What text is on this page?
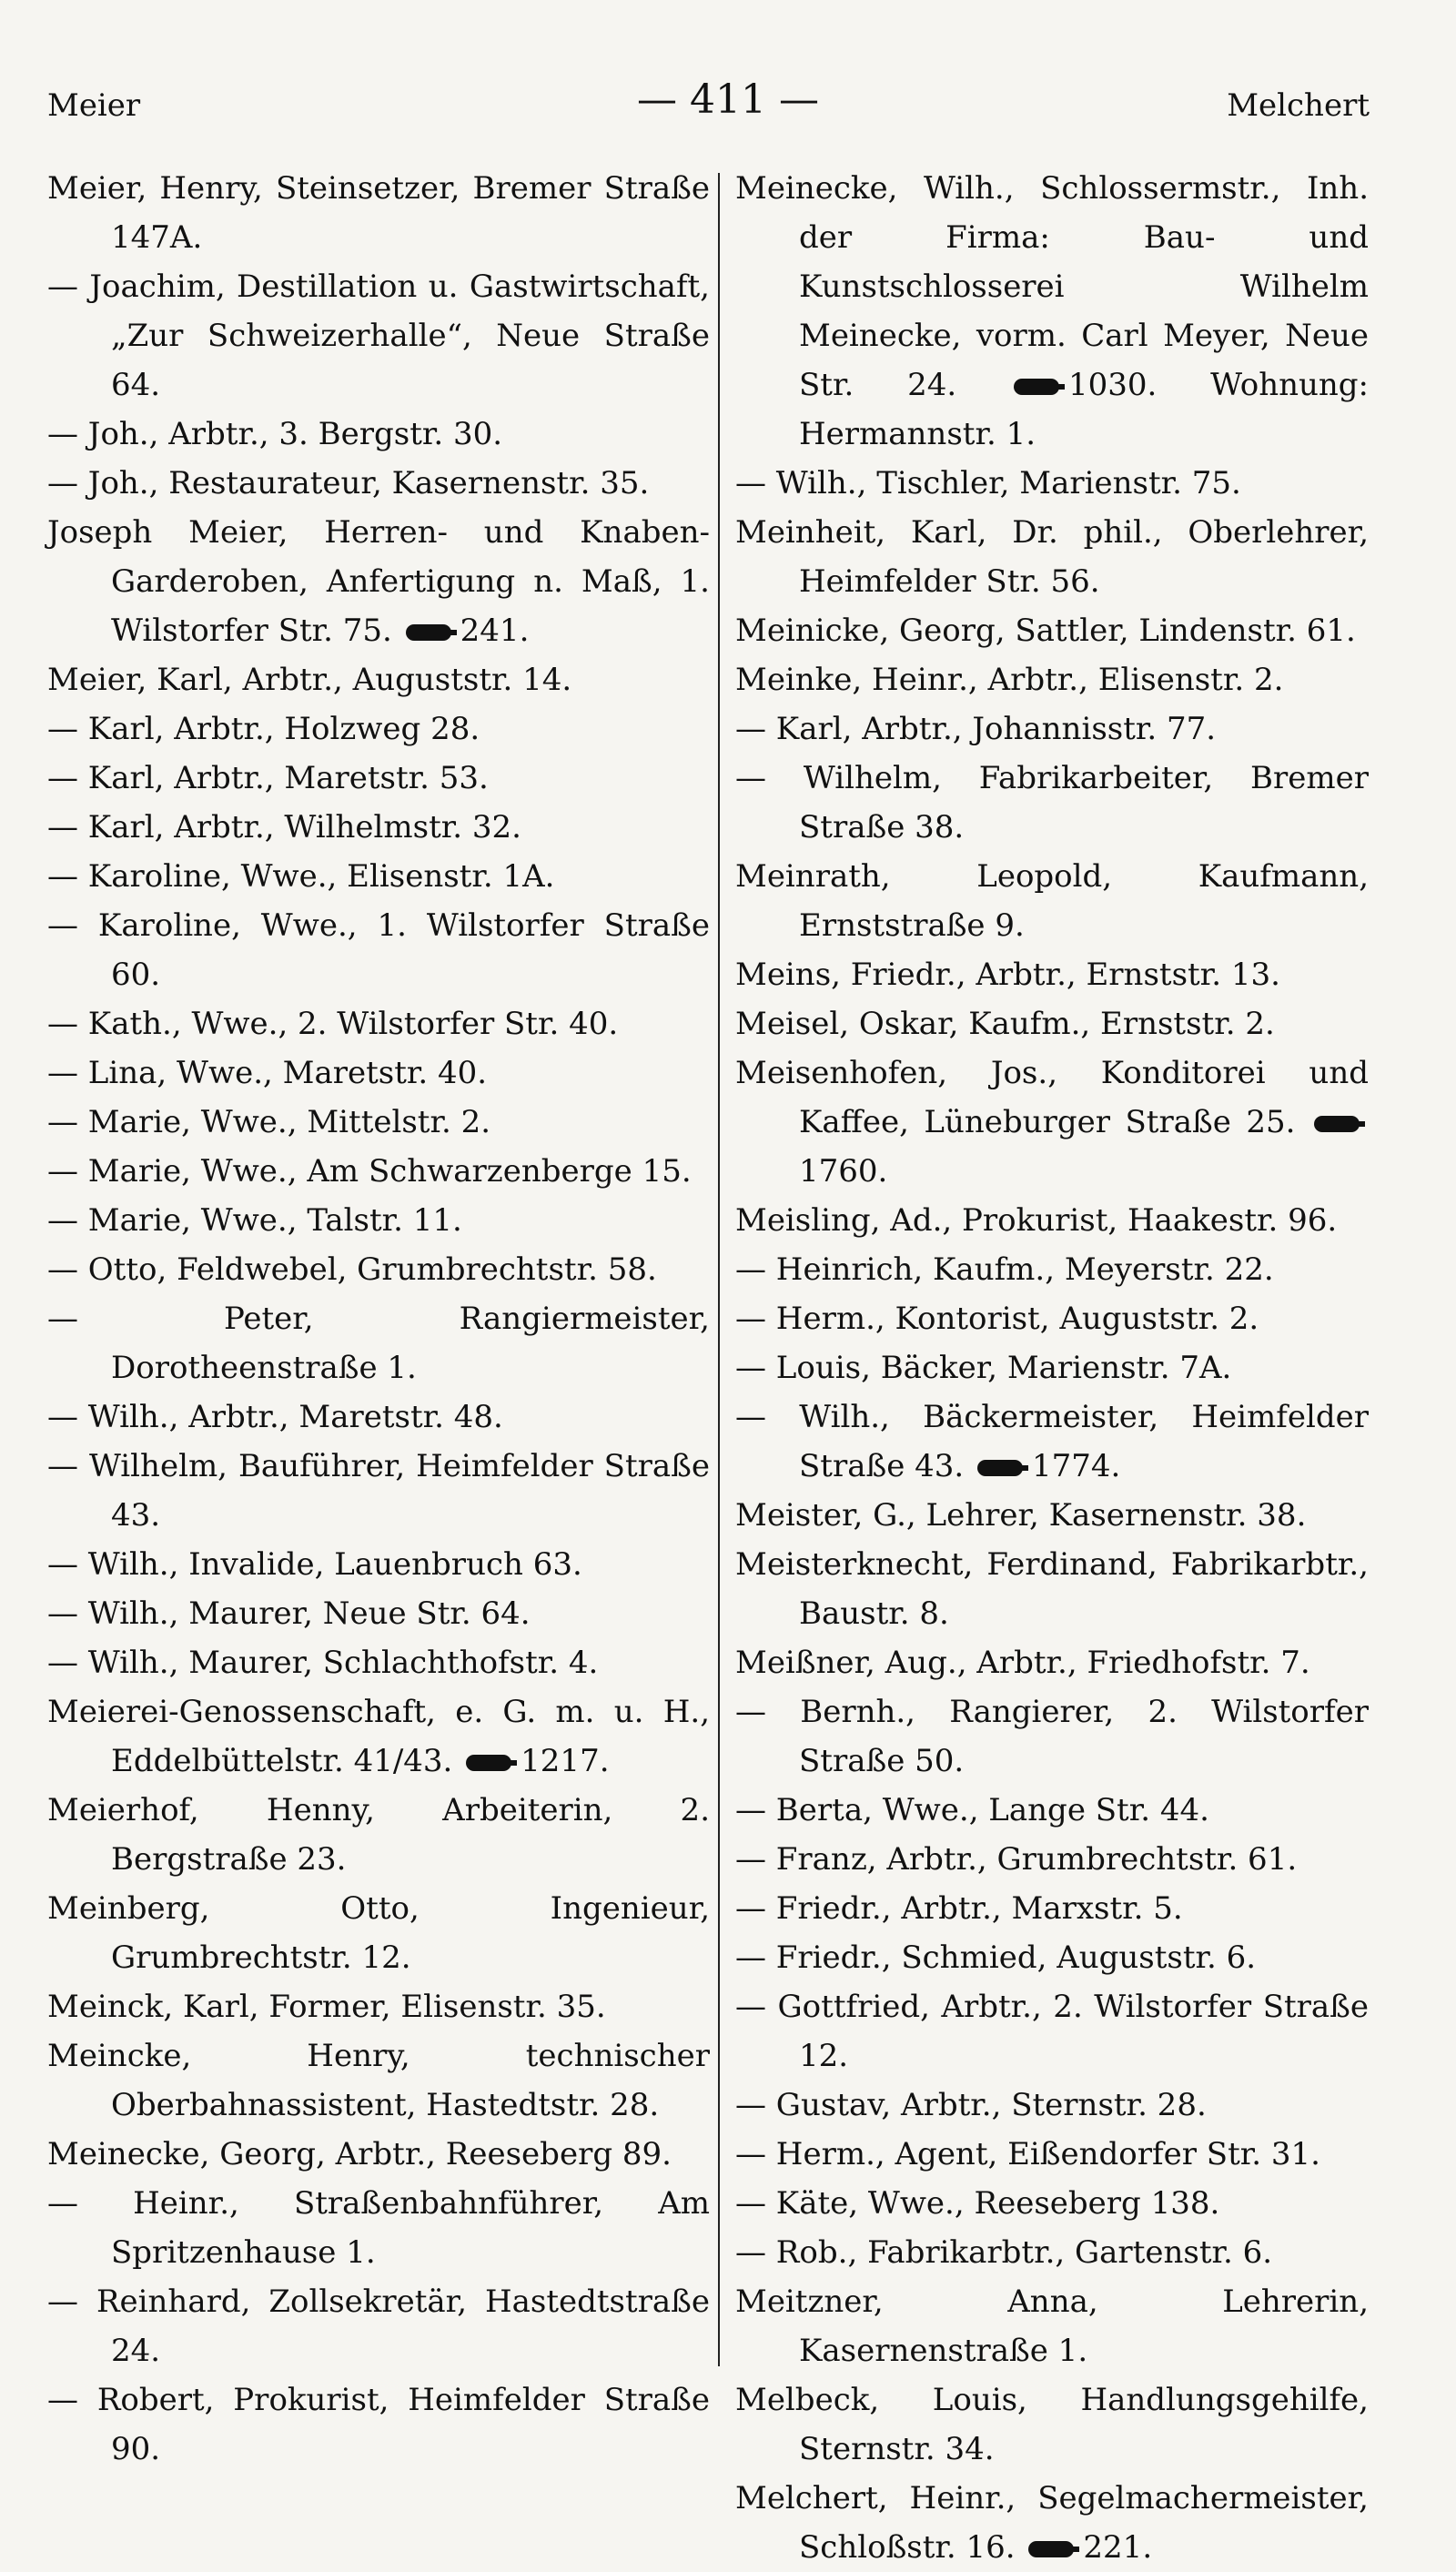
Meier	— 411 —	Melchert
Meier, Henry, Steinsetzer, Bremer Straße 147A.
— Joachim, Destillation u. Gastwirtschaft, „Zur Schweizerhalle“, Neue Straße 64.
— Joh., Arbtr., 3. Bergstr. 30.
— Joh., Restaurateur, Kasernenstr. 35.
Joseph Meier, Herren- und Knaben-Garderoben, Anfertigung n. Maß, 1. Wilstorfer Str. 75. 241.
Meier, Karl, Arbtr., Auguststr. 14.
— Karl, Arbtr., Holzweg 28.
— Karl, Arbtr., Maretstr. 53.
— Karl, Arbtr., Wilhelmstr. 32.
— Karoline, Wwe., Elisenstr. 1A.
— Karoline, Wwe., 1. Wilstorfer Straße 60.
— Kath., Wwe., 2. Wilstorfer Str. 40.
— Lina, Wwe., Maretstr. 40.
— Marie, Wwe., Mittelstr. 2.
— Marie, Wwe., Am Schwarzenberge 15.
— Marie, Wwe., Talstr. 11.
— Otto, Feldwebel, Grumbrechtstr. 58.
— Peter, Rangiermeister, Dorotheenstraße 1.
— Wilh., Arbtr., Maretstr. 48.
— Wilhelm, Bauführer, Heimfelder Straße 43.
— Wilh., Invalide, Lauenbruch 63.
— Wilh., Maurer, Neue Str. 64.
— Wilh., Maurer, Schlachthofstr. 4.
Meierei-Genossenschaft, e. G. m. u. H., Eddelbüttelstr. 41/43. 1217.
Meierhof, Henny, Arbeiterin, 2. Bergstraße 23.
Meinberg, Otto, Ingenieur, Grumbrechtstr. 12.
Meinck, Karl, Former, Elisenstr. 35.
Meincke, Henry, technischer Oberbahnassistent, Hastedtstr. 28.
Meinecke, Georg, Arbtr., Reeseberg 89.
— Heinr., Straßenbahnführer, Am Spritzenhause 1.
— Reinhard, Zollsekretär, Hastedtstraße 24.
— Robert, Prokurist, Heimfelder Straße 90.
Meinecke, Wilh., Schlossermstr., Inh. der Firma: Bau- und Kunstschlosserei Wilhelm Meinecke, vorm. Carl Meyer, Neue Str. 24. 1030. Wohnung: Hermannstr. 1.
— Wilh., Tischler, Marienstr. 75.
Meinheit, Karl, Dr. phil., Oberlehrer, Heimfelder Str. 56.
Meinicke, Georg, Sattler, Lindenstr. 61.
Meinke, Heinr., Arbtr., Elisenstr. 2.
— Karl, Arbtr., Johannisstr. 77.
— Wilhelm, Fabrikarbeiter, Bremer Straße 38.
Meinrath, Leopold, Kaufmann, Ernststraße 9.
Meins, Friedr., Arbtr., Ernststr. 13.
Meisel, Oskar, Kaufm., Ernststr. 2.
Meisenhofen, Jos., Konditorei und Kaffee, Lüneburger Straße 25. 1760.
Meisling, Ad., Prokurist, Haakestr. 96.
— Heinrich, Kaufm., Meyerstr. 22.
— Herm., Kontorist, Auguststr. 2.
— Louis, Bäcker, Marienstr. 7A.
— Wilh., Bäckermeister, Heimfelder Straße 43. 1774.
Meister, G., Lehrer, Kasernenstr. 38.
Meisterknecht, Ferdinand, Fabrikarbtr., Baustr. 8.
Meißner, Aug., Arbtr., Friedhofstr. 7.
— Bernh., Rangierer, 2. Wilstorfer Straße 50.
— Berta, Wwe., Lange Str. 44.
— Franz, Arbtr., Grumbrechtstr. 61.
— Friedr., Arbtr., Marxstr. 5.
— Friedr., Schmied, Auguststr. 6.
— Gottfried, Arbtr., 2. Wilstorfer Straße 12.
— Gustav, Arbtr., Sternstr. 28.
— Herm., Agent, Eißendorfer Str. 31.
— Käte, Wwe., Reeseberg 138.
— Rob., Fabrikarbtr., Gartenstr. 6.
Meitzner, Anna, Lehrerin, Kasernenstraße 1.
Melbeck, Louis, Handlungsgehilfe, Sternstr. 34.
Melchert, Heinr., Segelmachermeister, Schloßstr. 16. 221.
